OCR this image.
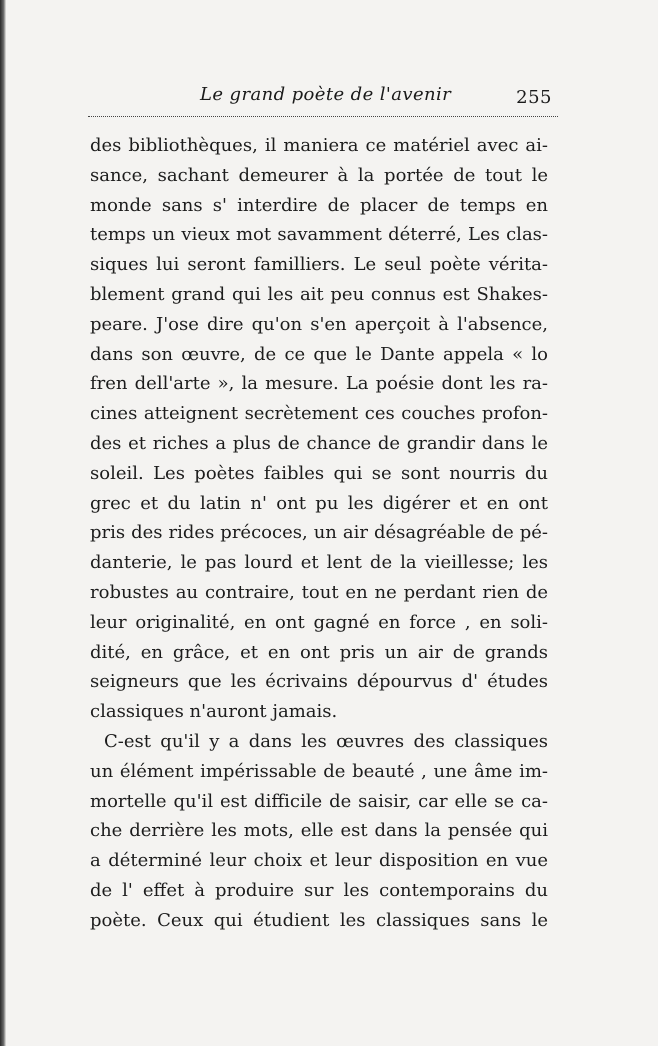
Le grand poète de l'avenir	255
des bibliothèques, il maniera ce matériel avec ai-
sance, sachant demeurer à la portée de tout le
monde sans s' interdire de placer de temps en
temps un vieux mot savamment déterré, Les clas-
siques lui seront familliers. Le seul poète vérita-
blement grand qui les ait peu connus est Shakes-
peare. J'ose dire qu'on s'en aperçoit à l'absence,
dans son œuvre, de ce que le Dante appela « lo
fren dell'arte », la mesure. La poésie dont les ra-
cines atteignent secrètement ces couches profon-
des et riches a plus de chance de grandir dans le
soleil. Les poètes faibles qui se sont nourris du
grec et du latin n' ont pu les digérer et en ont
pris des rides précoces, un air désagréable de pé-
danterie, le pas lourd et lent de la vieillesse; les
robustes au contraire, tout en ne perdant rien de
leur originalité, en ont gagné en force , en soli-
dité, en grâce, et en ont pris un air de grands
seigneurs que les écrivains dépourvus d' études
classiques n'auront jamais.
C-est qu'il y a dans les œuvres des classiques
un élément impérissable de beauté , une âme im-
mortelle qu'il est difficile de saisir, car elle se ca-
che derrière les mots, elle est dans la pensée qui
a déterminé leur choix et leur disposition en vue
de l' effet à produire sur les contemporains du
poète. Ceux qui étudient les classiques sans le
